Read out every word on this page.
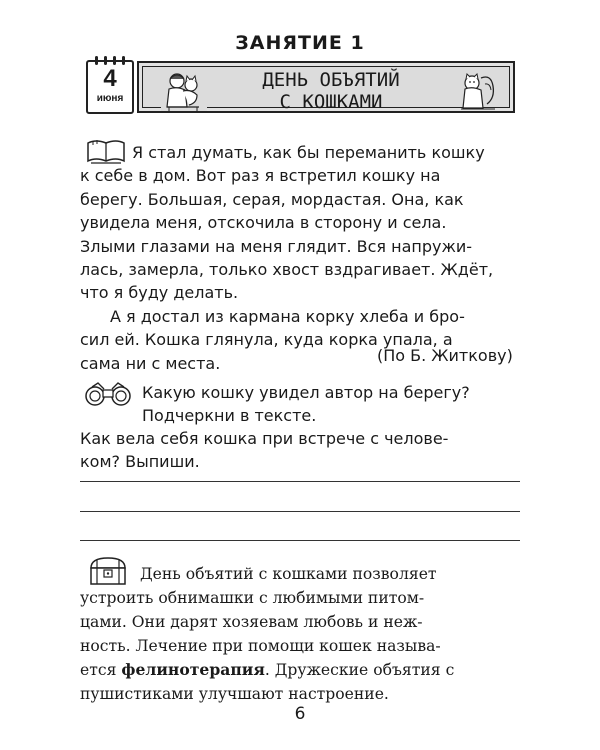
ЗАНЯТИЕ 1
4
июня
ДЕНЬ ОБЪЯТИЙ
С КОШКАМИ

Я стал думать, как бы переманить кошку

к себе в дом. Вот раз я встретил кошку на

берегу. Большая, серая, мордастая. Она, как

увидела меня, отскочила в сторону и села.

Злыми глазами на меня глядит. Вся напружи-

лась, замерла, только хвост вздрагивает. Ждёт,

что я буду делать.

А я достал из кармана корку хлеба и бро-

сил ей. Кошка глянула, куда корка упала, а

сама ни с места.	(По Б. Житкову)
Какую кошку увидел автор на берегу?
Подчеркни в тексте.
Как вела себя кошка при встрече с челове-
ком? Выпиши.

День объятий с кошками позволяет

устроить обнимашки с любимыми питом-

цами. Они дарят хозяевам любовь и неж-

ность. Лечение при помощи кошек называ-

ется фелинотерапия. Дружеские объятия с

пушистиками улучшают настроение.

6
